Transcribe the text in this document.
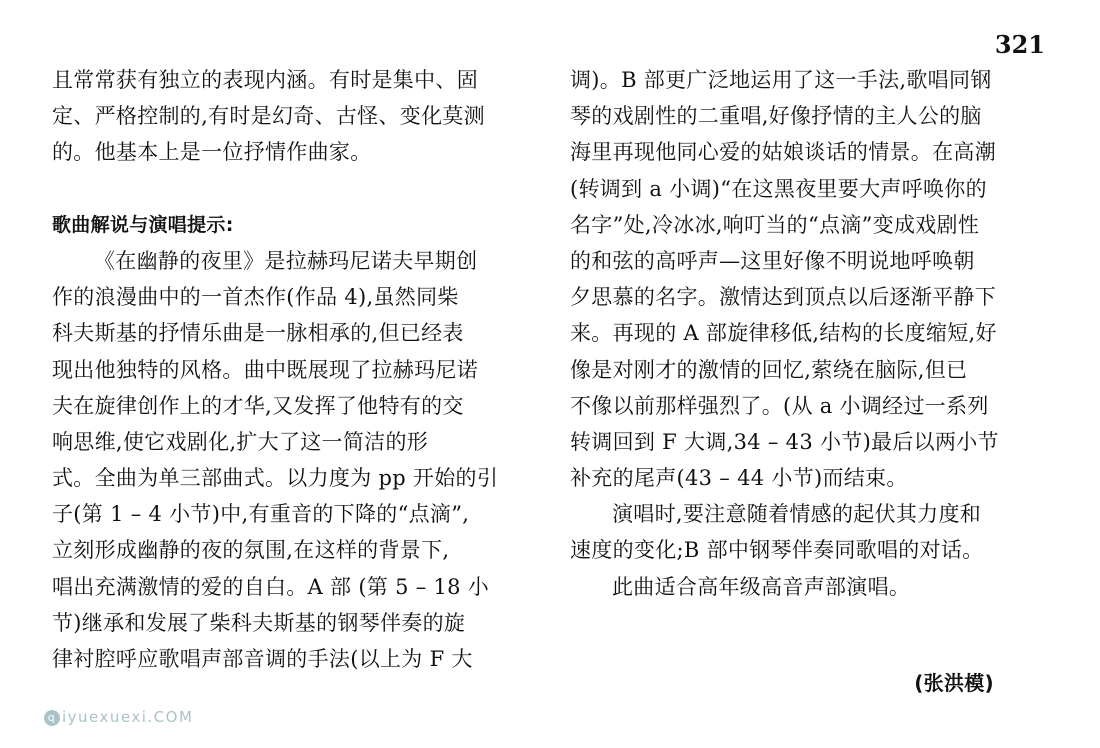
321
且常常获有独立的表现内涵。有时是集中、固
定、严格控制的,有时是幻奇、古怪、变化莫测
的。他基本上是一位抒情作曲家。
歌曲解说与演唱提示:
《在幽静的夜里》是拉赫玛尼诺夫早期创
作的浪漫曲中的一首杰作(作品 4),虽然同柴
科夫斯基的抒情乐曲是一脉相承的,但已经表
现出他独特的风格。曲中既展现了拉赫玛尼诺
夫在旋律创作上的才华,又发挥了他特有的交
响思维,使它戏剧化,扩大了这一简洁的形
式。全曲为单三部曲式。以力度为 pp 开始的引
子(第 1 – 4 小节)中,有重音的下降的“点滴”,
立刻形成幽静的夜的氛围,在这样的背景下,
唱出充满激情的爱的自白。A 部 (第 5 – 18 小
节)继承和发展了柴科夫斯基的钢琴伴奏的旋
律衬腔呼应歌唱声部音调的手法(以上为 F 大
调)。B 部更广泛地运用了这一手法,歌唱同钢
琴的戏剧性的二重唱,好像抒情的主人公的脑
海里再现他同心爱的姑娘谈话的情景。在高潮
(转调到 a 小调)“在这黑夜里要大声呼唤你的
名字”处,冷冰冰,响叮当的“点滴”变成戏剧性
的和弦的高呼声—这里好像不明说地呼唤朝
夕思慕的名字。激情达到顶点以后逐渐平静下
来。再现的 A 部旋律移低,结构的长度缩短,好
像是对刚才的激情的回忆,萦绕在脑际,但已
不像以前那样强烈了。(从 a 小调经过一系列
转调回到 F 大调,34 – 43 小节)最后以两小节
补充的尾声(43 – 44 小节)而结束。
演唱时,要注意随着情感的起伏其力度和
速度的变化;B 部中钢琴伴奏同歌唱的对话。
此曲适合高年级高音声部演唱。
(张洪模)
q iyuexuexi.COM
